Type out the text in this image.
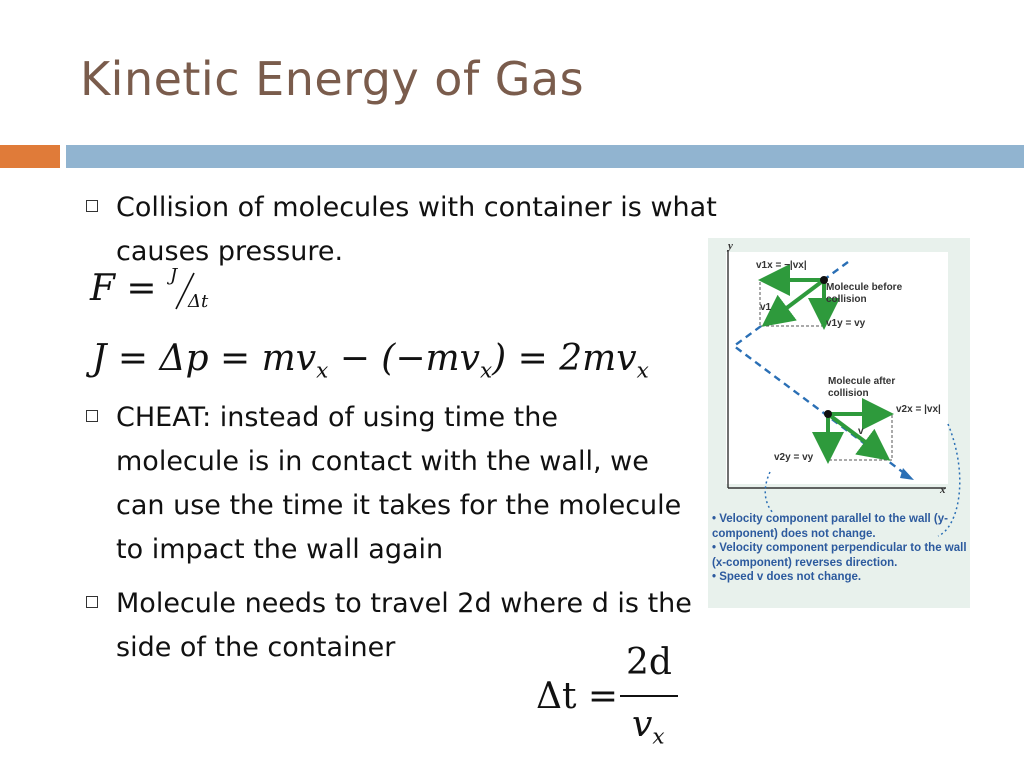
Kinetic Energy of Gas
Collision of molecules with container is what causes pressure.
F = J
Δt
$J = \Delta p = mv_x - (-mv_x) = 2mv_x$
CHEAT: instead of using time the molecule is in contact with the wall, we can use the time it takes for the molecule to impact the wall again
Molecule needs to travel 2d where d is the side of the container
Δt =
2d
$v_x$
y
x
v1x = −|vx|
Molecule before collision
v1
v1y = vy
Molecule after collision
v2x = |vx|
v
v2y = vy
• Velocity component parallel to the wall (y-component) does not change.
• Velocity component perpendicular to the wall (x-component) reverses direction.
• Speed v does not change.
